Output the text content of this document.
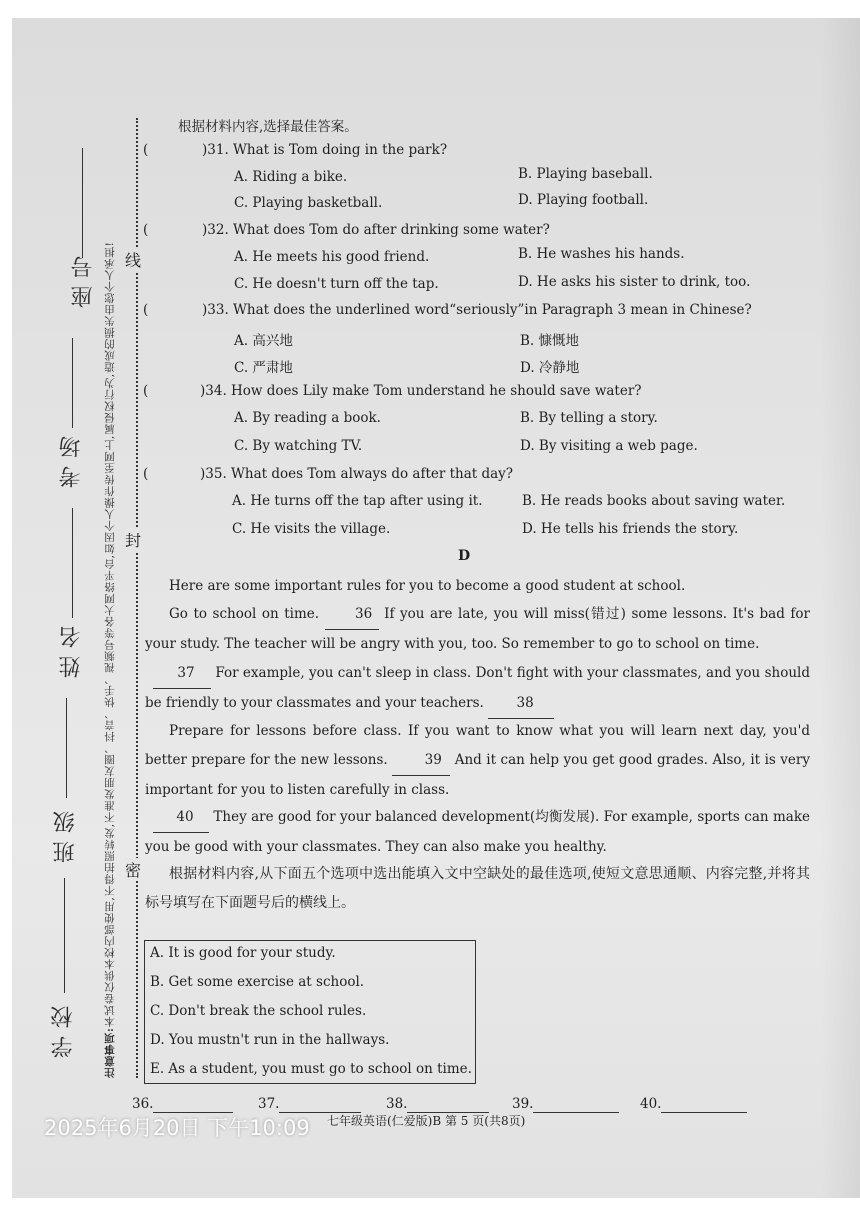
座号
考场
姓名
班级
学校	注意事项:本试卷仅供本校内部使用,不得拍照转发,不准发朋友圈、抖音、快手、视频号等各大网络平台,如因个人操作传至网上,属侵权行为,造成的损失由您个人承担! 线
封
密
根据材料内容,选择最佳答案。
(	)31. What is Tom doing in the park?
A. Riding a bike.	B. Playing baseball.
C. Playing basketball.	D. Playing football.
(	)32. What does Tom do after drinking some water?
A. He meets his good friend.	B. He washes his hands.
C. He doesn't turn off the tap.	D. He asks his sister to drink, too.
(	)33. What does the underlined word“seriously”in Paragraph 3 mean in Chinese?
A. 高兴地	B. 慷慨地
C. 严肃地	D. 冷静地
(	)34. How does Lily make Tom understand he should save water?
A. By reading a book.	B. By telling a story.
C. By watching TV.	D. By visiting a web page.
(	)35. What does Tom always do after that day?
A. He turns off the tap after using it.	B. He reads books about saving water.
C. He visits the village.	D. He tells his friends the story.
D
Here are some important rules for you to become a good student at school.
Go to school on time.	36 If you are late, you will miss(错过) some lessons. It's bad for your study. The teacher will be angry with you, too. So remember to go to school on time.
37 For example, you can't sleep in class. Don't fight with your classmates, and you should be friendly to your classmates and your teachers. 38
Prepare for lessons before class. If you want to know what you will learn next day, you'd better prepare for the new lessons.	39 And it can help you get good grades. Also, it is very important for you to listen carefully in class.
40 They are good for your balanced development(均衡发展). For example, sports can make you be good with your classmates. They can also make you healthy.
根据材料内容,从下面五个选项中选出能填入文中空缺处的最佳选项,使短文意思通顺、内容完整,并将其标号填写在下面题号后的横线上。
A. It is good for your study.
B. Get some exercise at school.
C. Don't break the school rules.
D. You mustn't run in the hallways.
E. As a student, you must go to school on time.
36.	37.	38.	39.	40.
七年级英语(仁爱版)B 第 5 页(共8页)
2025年6月20日 下午10:09
